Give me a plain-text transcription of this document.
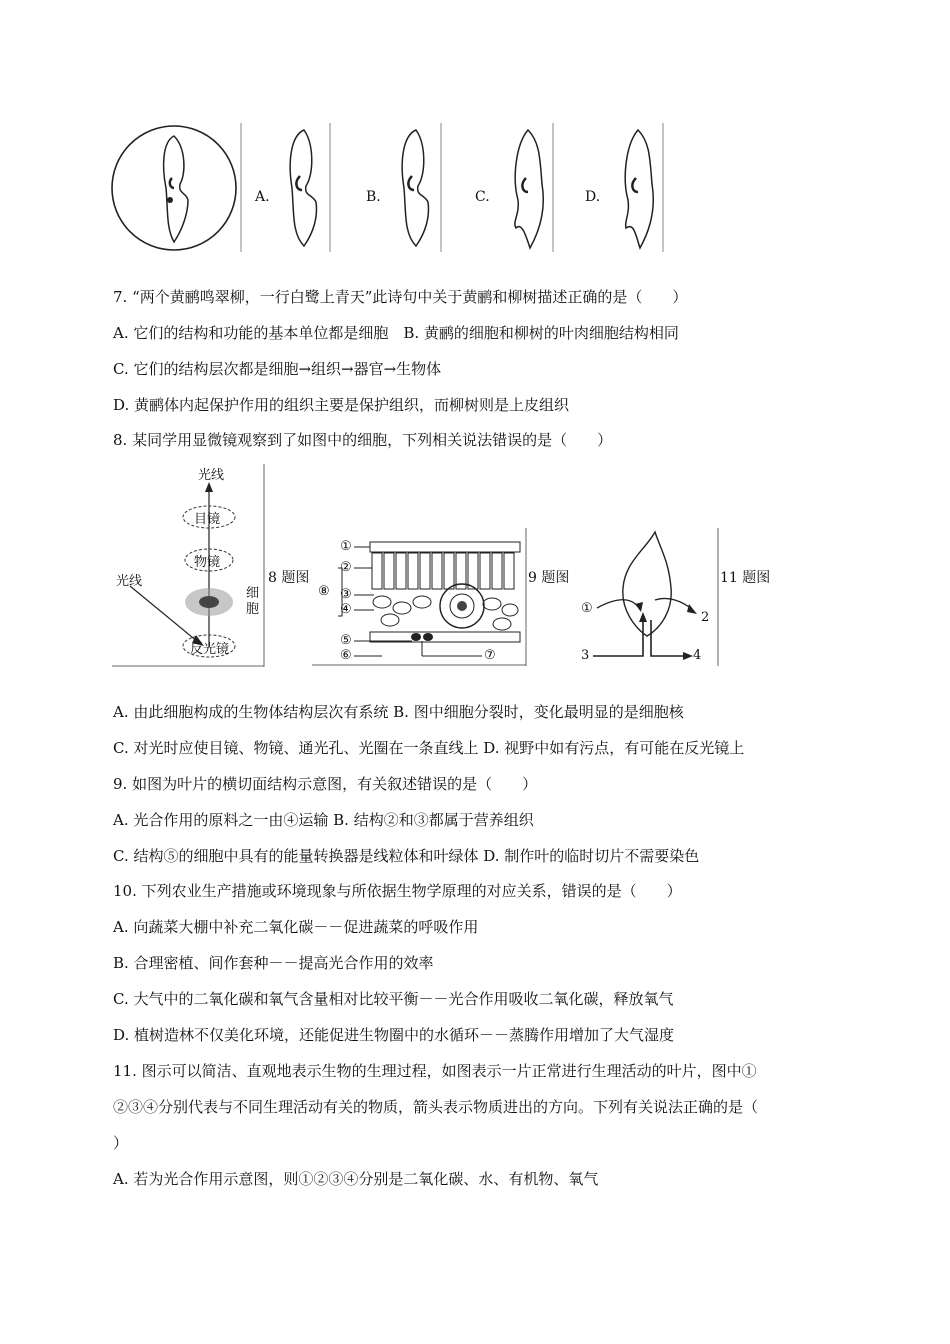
A.	B.	C.	D.
7. “两个黄鹂鸣翠柳，一行白鹭上青天”此诗句中关于黄鹂和柳树描述正确的是（　　）
A. 它们的结构和功能的基本单位都是细胞　B. 黄鹂的细胞和柳树的叶肉细胞结构相同
C. 它们的结构层次都是细胞→组织→器官→生物体
D. 黄鹂体内起保护作用的组织主要是保护组织，而柳树则是上皮组织
8. 某同学用显微镜观察到了如图中的细胞，下列相关说法错误的是（　　）
光线
目镜
物镜
光线
细胞
反光镜
8 题图
①
②
③
④
⑤
⑥	⑦
⑧
9 题图
①
2
3	4
11 题图
A. 由此细胞构成的生物体结构层次有系统 B. 图中细胞分裂时，变化最明显的是细胞核
C. 对光时应使目镜、物镜、通光孔、光圈在一条直线上 D. 视野中如有污点，有可能在反光镜上
9. 如图为叶片的横切面结构示意图，有关叙述错误的是（　　）
A. 光合作用的原料之一由④运输 B. 结构②和③都属于营养组织
C. 结构⑤的细胞中具有的能量转换器是线粒体和叶绿体 D. 制作叶的临时切片不需要染色
10. 下列农业生产措施或环境现象与所依据生物学原理的对应关系，错误的是（　　）
A. 向蔬菜大棚中补充二氧化碳－－促进蔬菜的呼吸作用
B. 合理密植、间作套种－－提高光合作用的效率
C. 大气中的二氧化碳和氧气含量相对比较平衡－－光合作用吸收二氧化碳，释放氧气
D. 植树造林不仅美化环境，还能促进生物圈中的水循环－－蒸腾作用增加了大气湿度
11. 图示可以简洁、直观地表示生物的生理过程，如图表示一片正常进行生理活动的叶片，图中①
②③④分别代表与不同生理活动有关的物质，箭头表示物质进出的方向。下列有关说法正确的是（
）
A. 若为光合作用示意图，则①②③④分别是二氧化碳、水、有机物、氧气
